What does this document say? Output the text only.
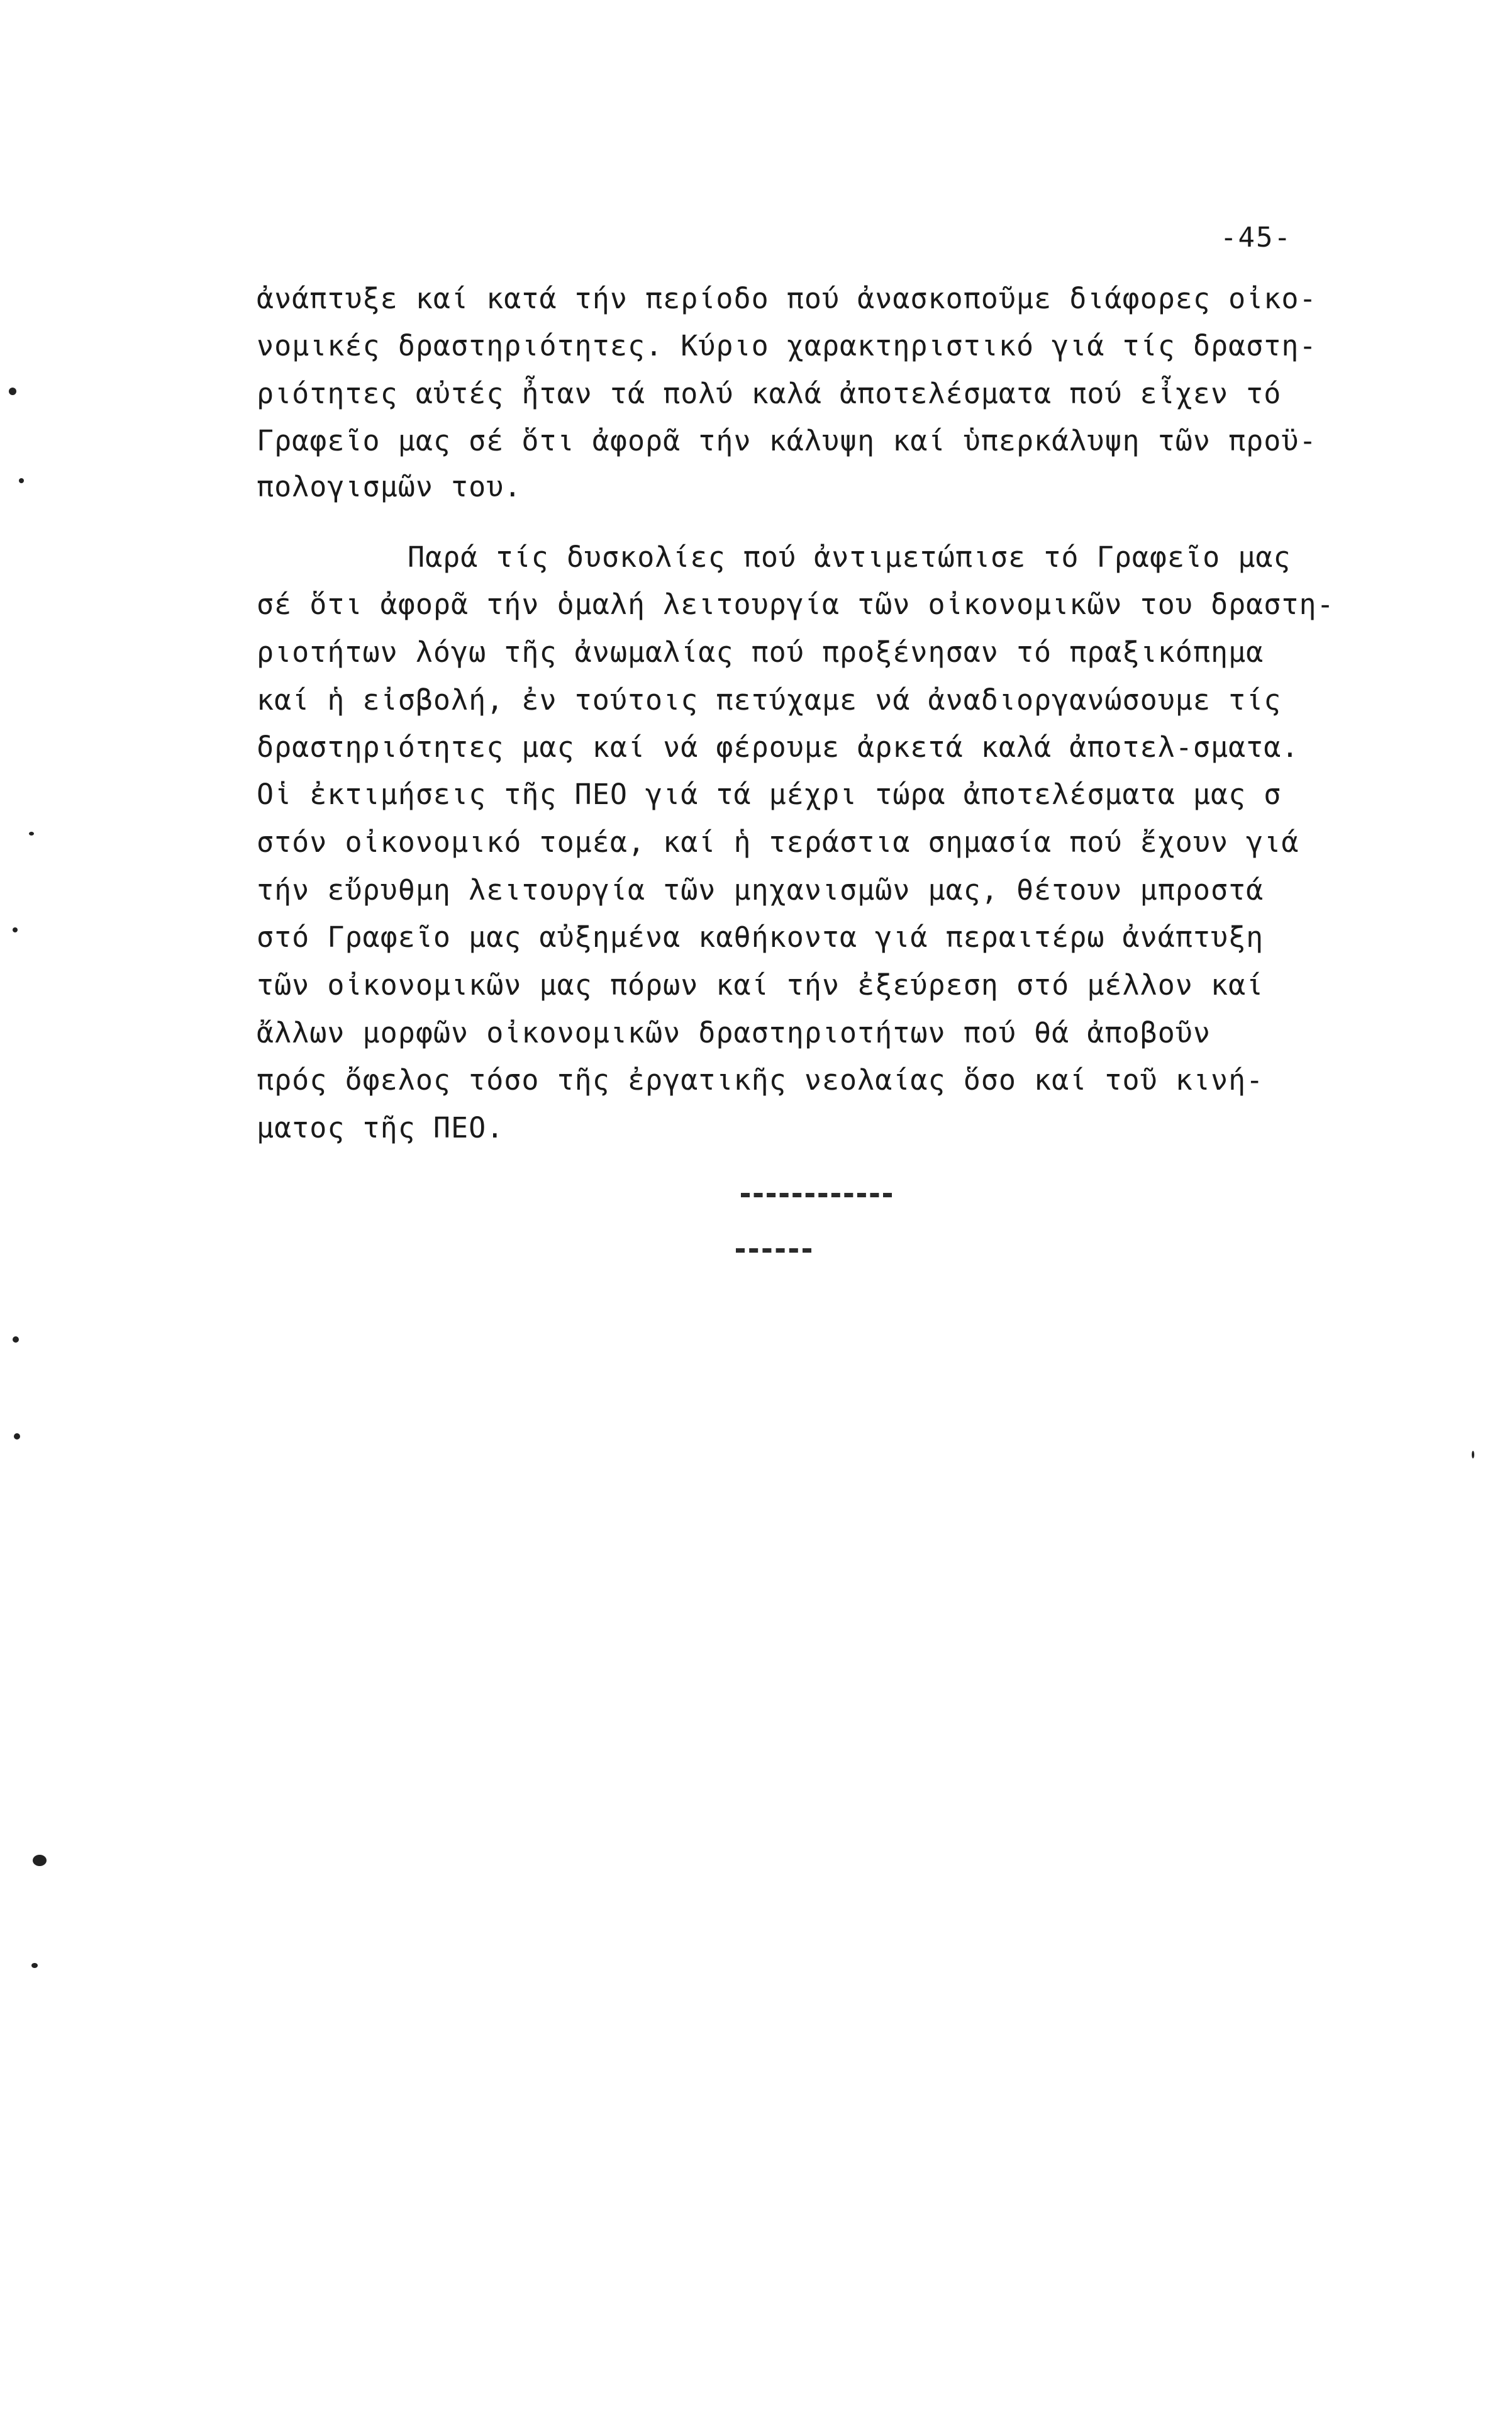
-45-
ἀνάπτυξε καί κατά τήν περίοδο πού ἀνασκοποῦμε διάφορες οἰκο-
νομικές δραστηριότητες. Κύριο χαρακτηριστικό γιά τίς δραστη-
ριότητες αὐτές ἦταν τά πολύ καλά ἀποτελέσματα πού εἶχεν τό
Γραφεῖο μας σέ ὅτι ἀφορᾶ τήν κάλυψη καί ὑπερκάλυψη τῶν προϋ-
πολογισμῶν του.
Παρά τίς δυσκολίες πού ἀντιμετώπισε τό Γραφεῖο μας
σέ ὅτι ἀφορᾶ τήν ὁμαλή λειτουργία τῶν οἰκονομικῶν του δραστη-
ριοτήτων λόγω τῆς ἀνωμαλίας πού προξένησαν τό πραξικόπημα
καί ἡ εἰσβολή, ἐν τούτοις πετύχαμε νά ἀναδιοργανώσουμε τίς
δραστηριότητες μας καί νά φέρουμε ἀρκετά καλά ἀποτελ-σματα.
Οἱ ἐκτιμήσεις τῆς ΠΕΟ γιά τά μέχρι τώρα ἀποτελέσματα μας σ
στόν οἰκονομικό τομέα, καί ἡ τεράστια σημασία πού ἔχουν γιά
τήν εὔρυθμη λειτουργία τῶν μηχανισμῶν μας, θέτουν μπροστά
στό Γραφεῖο μας αὐξημένα καθήκοντα γιά περαιτέρω ἀνάπτυξη
τῶν οἰκονομικῶν μας πόρων καί τήν ἐξεύρεση στό μέλλον καί
ἄλλων μορφῶν οἰκονομικῶν δραστηριοτήτων πού θά ἀποβοῦν
πρός ὄφελος τόσο τῆς ἐργατικῆς νεολαίας ὅσο καί τοῦ κινή-
ματος τῆς ΠΕΟ.
